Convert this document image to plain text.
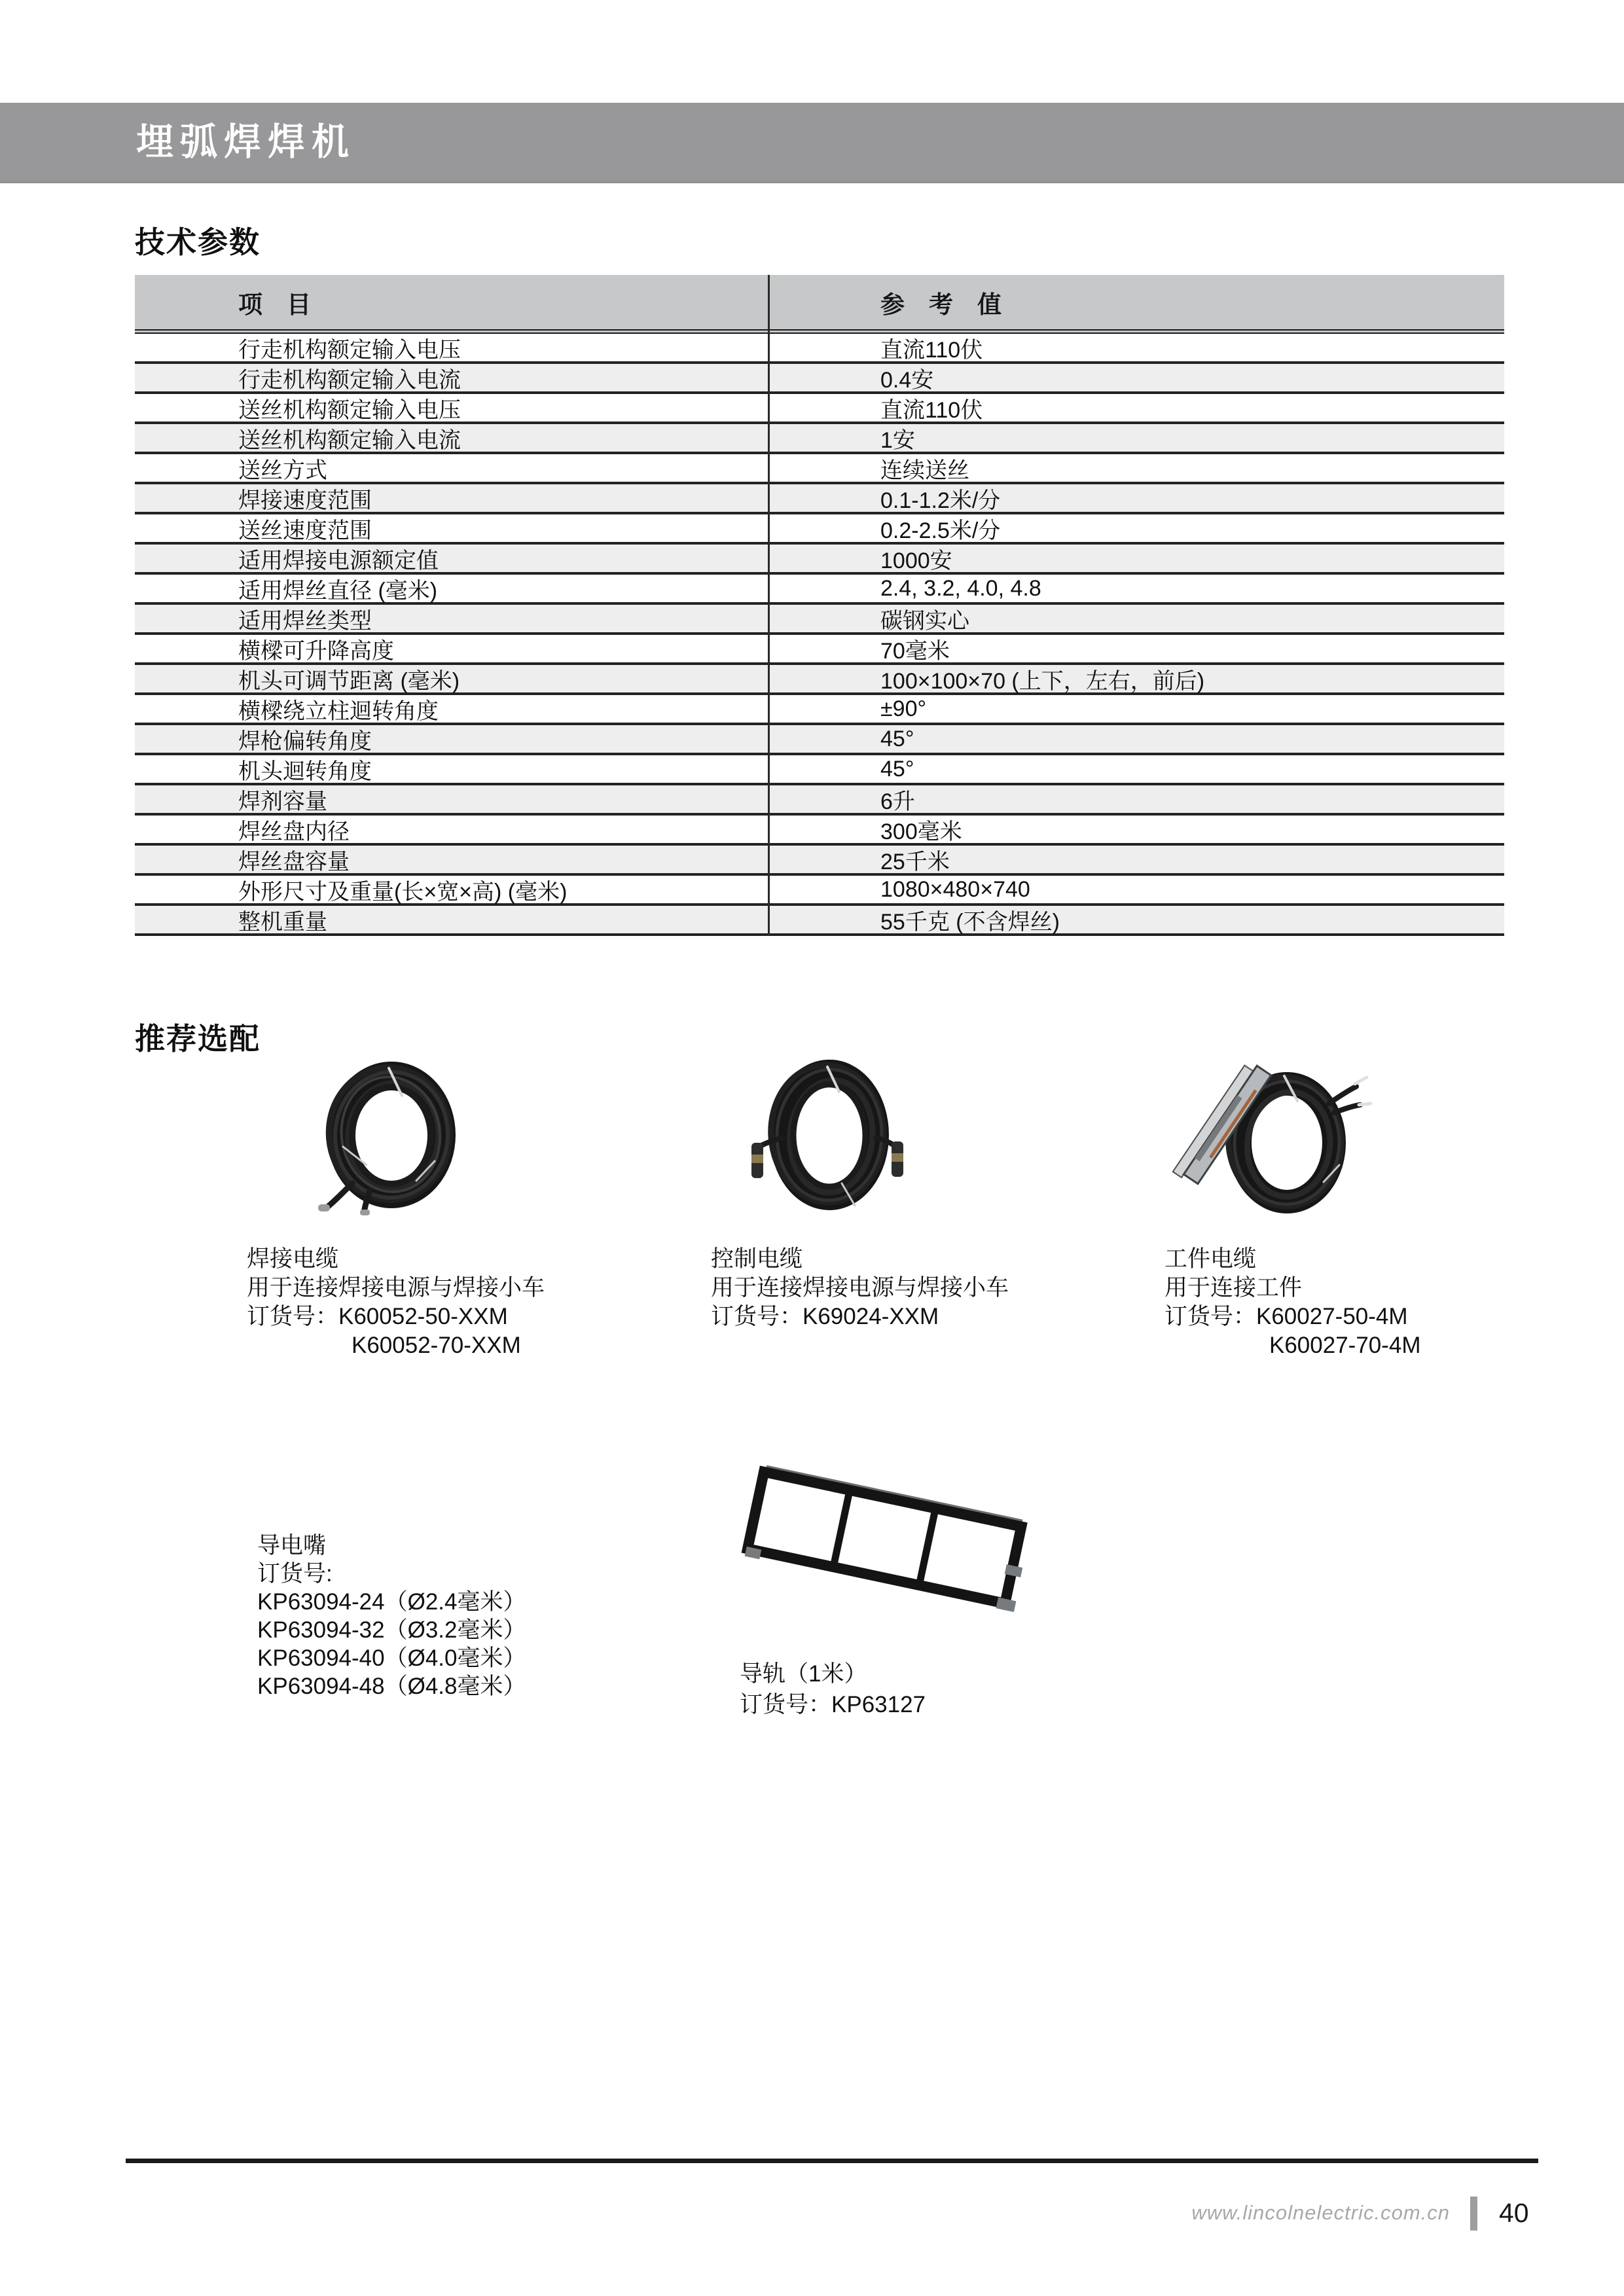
埋弧焊焊机
技术参数
项　目	参　考　值
行走机构额定输入电压	直流110伏
行走机构额定输入电流	0.4安
送丝机构额定输入电压	直流110伏
送丝机构额定输入电流	1安
送丝方式	连续送丝
焊接速度范围	0.1-1.2米/分
送丝速度范围	0.2-2.5米/分
适用焊接电源额定值	1000安
适用焊丝直径 (毫米)	2.4, 3.2, 4.0, 4.8
适用焊丝类型	碳钢实心
横樑可升降高度	70毫米
机头可调节距离 (毫米)	100×100×70 (上下，左右，前后)
横樑绕立柱迴转角度	±90°
焊枪偏转角度	45°
机头迴转角度	45°
焊剂容量	6升
焊丝盘内径	300毫米
焊丝盘容量	25千米
外形尺寸及重量(长×宽×高) (毫米)	1080×480×740
整机重量	55千克 (不含焊丝)
推荐选配
焊接电缆
用于连接焊接电源与焊接小车
订货号：K60052-50-XXM
K60052-70-XXM
控制电缆
用于连接焊接电源与焊接小车
订货号：K69024-XXM
工件电缆
用于连接工件
订货号：K60027-50-4M
K60027-70-4M
导电嘴
订货号:
KP63094-24（Ø2.4毫米）
KP63094-32（Ø3.2毫米）
KP63094-40（Ø4.0毫米）
KP63094-48（Ø4.8毫米）	导轨（1米）
订货号：KP63127
www.lincolnelectric.com.cn 40
